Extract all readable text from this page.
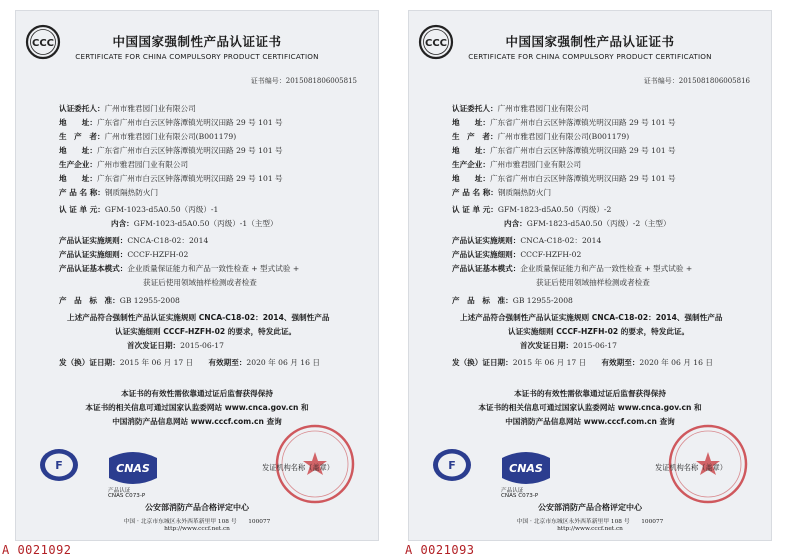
CCC	中国国家强制性产品认证证书
CERTIFICATE FOR CHINA COMPULSORY PRODUCT CERTIFICATION
证书编号：2015081806005815
认证委托人：广州市雅君园门业有限公司
地　　址：广东省广州市白云区钟落潭镇光明汉田路 29 号 101 号
生　产　者：广州市雅君园门业有限公司(B001179)
地　　址：广东省广州市白云区钟落潭镇光明汉田路 29 号 101 号
生产企业：广州市雅君园门业有限公司
地　　址：广东省广州市白云区钟落潭镇光明汉田路 29 号 101 号
产 品 名 称：钢质隔热防火门
认 证 单 元：GFM-1023-d5A0.50（丙级）-1
内含：GFM-1023-d5A0.50（丙级）-1（主型）
产品认证实施规则：CNCA-C18-02：2014
产品认证实施细则：CCCF-HZFH-02
产品认证基本模式：企业质量保证能力和产品一致性检查 + 型式试验 +
获证后使用领域抽样检测或者检查
产　品　标　准：GB 12955-2008
上述产品符合强制性产品认证实施规则 CNCA-C18-02：2014、强制性产品
认证实施细则 CCCF-HZFH-02 的要求，特发此证。
首次发证日期：2015-06-17
发（换）证日期：2015 年 06 月 17 日　　 有效期至：2020 年 06 月 16 日
本证书的有效性需依靠通过证后监督获得保持
本证书的相关信息可通过国家认监委网站 www.cnca.gov.cn 和
中国消防产品信息网站 www.cccf.com.cn 查询
F	CNAS
产品认证
CNAS C073-P
发证机构名称（盖章）
公安部消防产品合格评定中心
中国 · 北京市东城区永外西革新里甲 108 号　　100077
http://www.cccf.net.cn
CCC	中国国家强制性产品认证证书
CERTIFICATE FOR CHINA COMPULSORY PRODUCT CERTIFICATION
证书编号：2015081806005816
认证委托人：广州市雅君园门业有限公司
地　　址：广东省广州市白云区钟落潭镇光明汉田路 29 号 101 号
生　产　者：广州市雅君园门业有限公司(B001179)
地　　址：广东省广州市白云区钟落潭镇光明汉田路 29 号 101 号
生产企业：广州市雅君园门业有限公司
地　　址：广东省广州市白云区钟落潭镇光明汉田路 29 号 101 号
产 品 名 称：钢质隔热防火门
认 证 单 元：GFM-1823-d5A0.50（丙级）-2
内含：GFM-1823-d5A0.50（丙级）-2（主型）
产品认证实施规则：CNCA-C18-02：2014
产品认证实施细则：CCCF-HZFH-02
产品认证基本模式：企业质量保证能力和产品一致性检查 + 型式试验 +
获证后使用领域抽样检测或者检查
产　品　标　准：GB 12955-2008
上述产品符合强制性产品认证实施规则 CNCA-C18-02：2014、强制性产品
认证实施细则 CCCF-HZFH-02 的要求，特发此证。
首次发证日期：2015-06-17
发（换）证日期：2015 年 06 月 17 日　　 有效期至：2020 年 06 月 16 日
本证书的有效性需依靠通过证后监督获得保持
本证书的相关信息可通过国家认监委网站 www.cnca.gov.cn 和
中国消防产品信息网站 www.cccf.com.cn 查询
F	CNAS
产品认证
CNAS C073-P
发证机构名称（盖章）
公安部消防产品合格评定中心
中国 · 北京市东城区永外西革新里甲 108 号　　100077
http://www.cccf.net.cn
A 0021092	A 0021093
